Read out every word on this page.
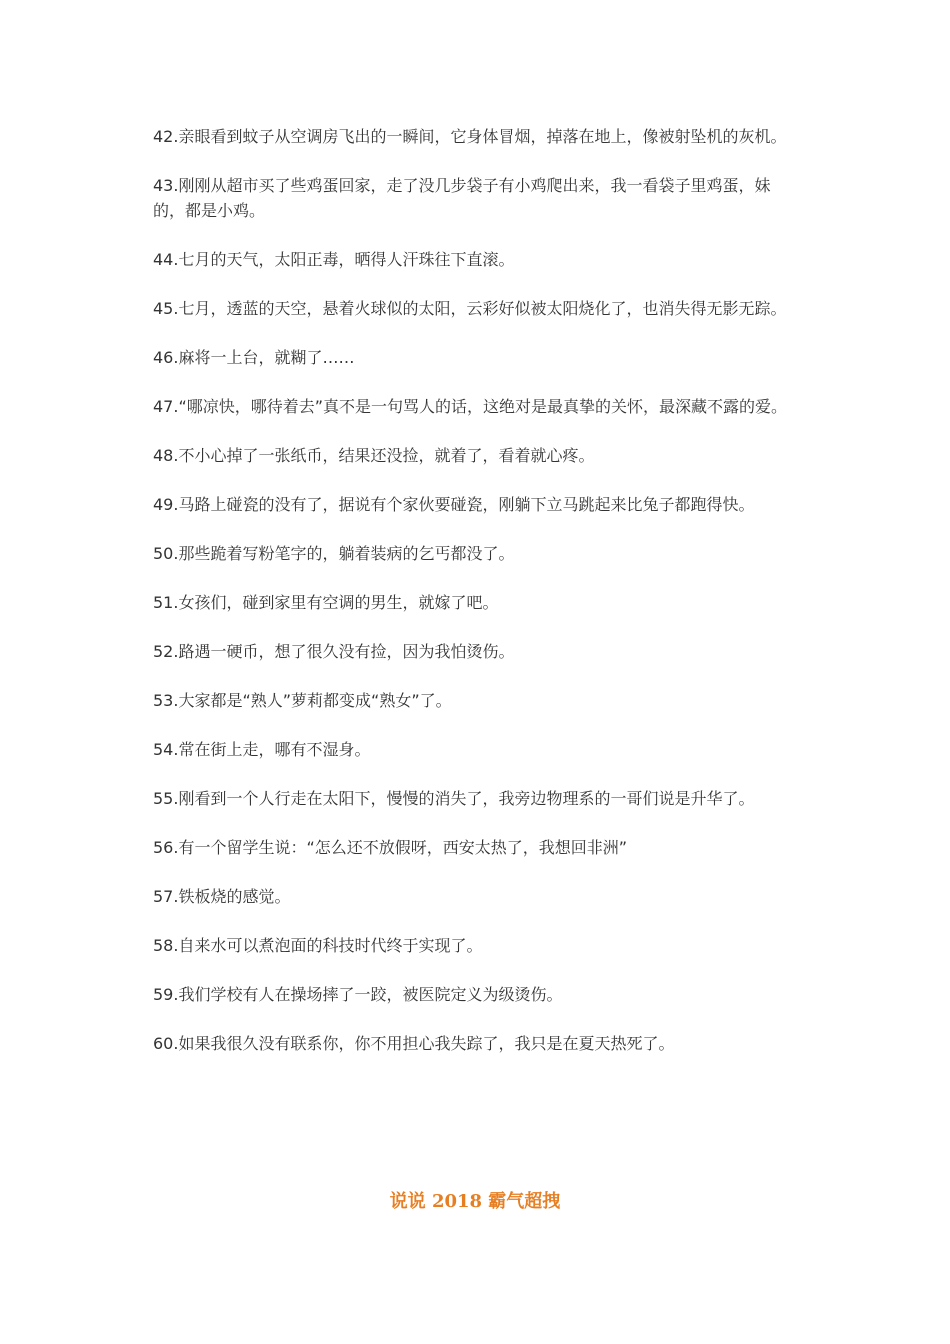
42.亲眼看到蚊子从空调房飞出的一瞬间，它身体冒烟，掉落在地上，像被射坠机的灰机。

43.刚刚从超市买了些鸡蛋回家，走了没几步袋子有小鸡爬出来，我一看袋子里鸡蛋，妹的，都是小鸡。

44.七月的天气，太阳正毒，晒得人汗珠往下直滚。

45.七月，透蓝的天空，悬着火球似的太阳，云彩好似被太阳烧化了，也消失得无影无踪。

46.麻将一上台，就糊了……

47.“哪凉快，哪待着去”真不是一句骂人的话，这绝对是最真挚的关怀，最深藏不露的爱。

48.不小心掉了一张纸币，结果还没捡，就着了，看着就心疼。

49.马路上碰瓷的没有了，据说有个家伙要碰瓷，刚躺下立马跳起来比兔子都跑得快。

50.那些跪着写粉笔字的，躺着装病的乞丐都没了。

51.女孩们，碰到家里有空调的男生，就嫁了吧。

52.路遇一硬币，想了很久没有捡，因为我怕烫伤。

53.大家都是“熟人”萝莉都变成“熟女”了。

54.常在街上走，哪有不湿身。

55.刚看到一个人行走在太阳下，慢慢的消失了，我旁边物理系的一哥们说是升华了。

56.有一个留学生说：“怎么还不放假呀，西安太热了，我想回非洲”

57.铁板烧的感觉。

58.自来水可以煮泡面的科技时代终于实现了。

59.我们学校有人在操场摔了一跤，被医院定义为级烫伤。

60.如果我很久没有联系你，你不用担心我失踪了，我只是在夏天热死了。

说说 2018 霸气超拽
